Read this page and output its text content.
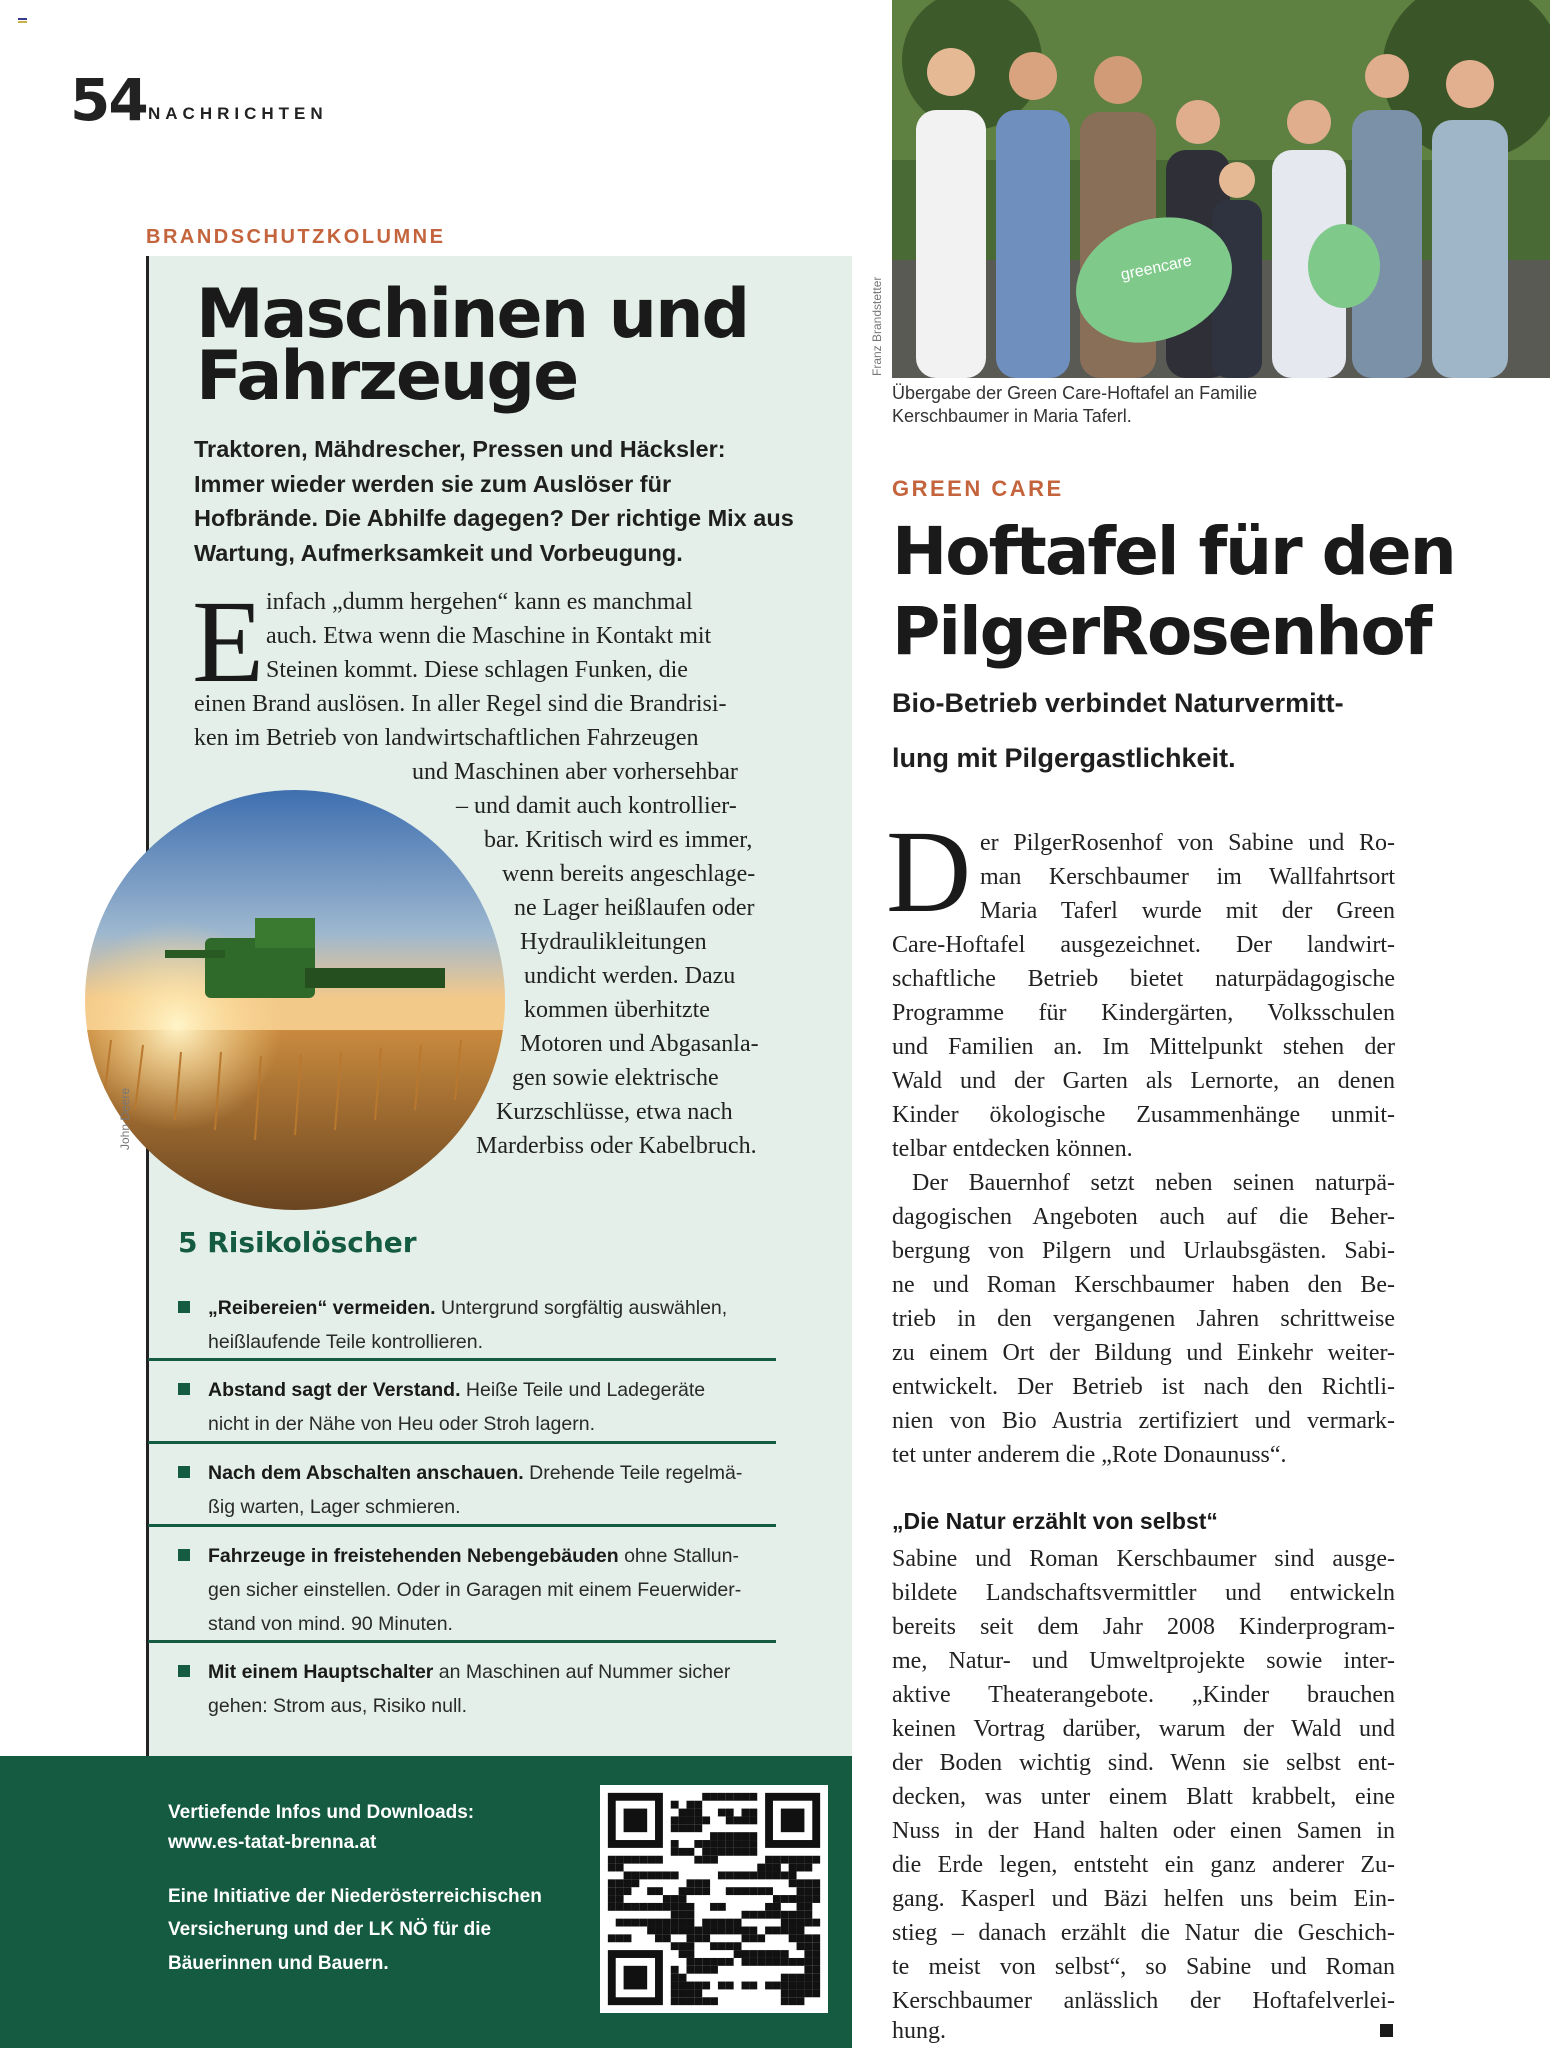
54 NACHRICHTEN
BRANDSCHUTZKOLUMNE
Maschinen und
Fahrzeuge
Traktoren, Mähdrescher, Pressen und Häcksler: Immer wieder werden sie zum Auslöser für Hofbrände. Die Abhilfe dagegen? Der richtige Mix aus Wartung, Aufmerksamkeit und Vorbeugung.
E infach „dumm hergehen“ kann es manchmal
auch. Etwa wenn die Maschine in Kontakt mit
Steinen kommt. Diese schlagen Funken, die
einen Brand auslösen. In aller Regel sind die Brandrisi-
ken im Betrieb von landwirtschaftlichen Fahrzeugen
und Maschinen aber vorhersehbar
– und damit auch kontrollier-
bar. Kritisch wird es immer,
wenn bereits angeschlage-
ne Lager heißlaufen oder
Hydraulikleitungen
undicht werden. Dazu
kommen überhitzte
Motoren und Abgasanla-
gen sowie elektrische
Kurzschlüsse, etwa nach
Marderbiss oder Kabelbruch.
John Deere
5 Risikolöscher
„Reibereien“ vermeiden. Untergrund sorgfältig auswählen,
heißlaufende Teile kontrollieren.
Abstand sagt der Verstand. Heiße Teile und Ladegeräte
nicht in der Nähe von Heu oder Stroh lagern.
Nach dem Abschalten anschauen. Drehende Teile regelmä-
ßig warten, Lager schmieren.
Fahrzeuge in freistehenden Nebengebäuden ohne Stallun-
gen sicher einstellen. Oder in Garagen mit einem Feuerwider-
stand von mind. 90 Minuten.
Mit einem Hauptschalter an Maschinen auf Nummer sicher
gehen: Strom aus, Risiko null.
Vertiefende Infos und Downloads:
www.es-tatat-brenna.at
Eine Initiative der Niederösterreichischen
Versicherung und der LK NÖ für die
Bäuerinnen und Bauern.
greencare
Franz Brandstetter
Übergabe der Green Care-Hoftafel an Familie
Kerschbaumer in Maria Taferl.
GREEN CARE
Hoftafel für den
PilgerRosenhof
Bio-Betrieb verbindet Naturvermitt-
lung mit Pilgergastlichkeit.
D er PilgerRosenhof von Sabine und Ro-
man Kerschbaumer im Wallfahrtsort
Maria Taferl wurde mit der Green
Care-Hoftafel ausgezeichnet. Der landwirt-
schaftliche Betrieb bietet naturpädagogische
Programme für Kindergärten, Volksschulen
und Familien an. Im Mittelpunkt stehen der
Wald und der Garten als Lernorte, an denen
Kinder ökologische Zusammenhänge unmit-
telbar entdecken können.
Der Bauernhof setzt neben seinen naturpä-
dagogischen Angeboten auch auf die Beher-
bergung von Pilgern und Urlaubsgästen. Sabi-
ne und Roman Kerschbaumer haben den Be-
trieb in den vergangenen Jahren schrittweise
zu einem Ort der Bildung und Einkehr weiter-
entwickelt. Der Betrieb ist nach den Richtli-
nien von Bio Austria zertifiziert und vermark-
tet unter anderem die „Rote Donaunuss“.
„Die Natur erzählt von selbst“
Sabine und Roman Kerschbaumer sind ausge-
bildete Landschaftsvermittler und entwickeln
bereits seit dem Jahr 2008 Kinderprogram-
me, Natur- und Umweltprojekte sowie inter-
aktive Theaterangebote. „Kinder brauchen
keinen Vortrag darüber, warum der Wald und
der Boden wichtig sind. Wenn sie selbst ent-
decken, was unter einem Blatt krabbelt, eine
Nuss in der Hand halten oder einen Samen in
die Erde legen, entsteht ein ganz anderer Zu-
gang. Kasperl und Bäzi helfen uns beim Ein-
stieg – danach erzählt die Natur die Geschich-
te meist von selbst“, so Sabine und Roman
Kerschbaumer anlässlich der Hoftafelverlei-
hung.
